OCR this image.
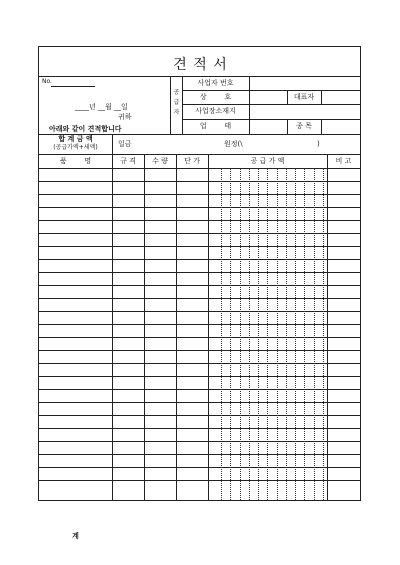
견 적 서
No.
____년 __월 __일
귀하
아래와 같이 견적합니다
공
급
자
사업자 번호
상        호	대표자
사업장소재지
업        태	종 목
합 계 금 액
(공급가액+세액)	일금	원정(\	)
품        명	규 격	수 량	단 가	공 급 가 액	비 고
계
